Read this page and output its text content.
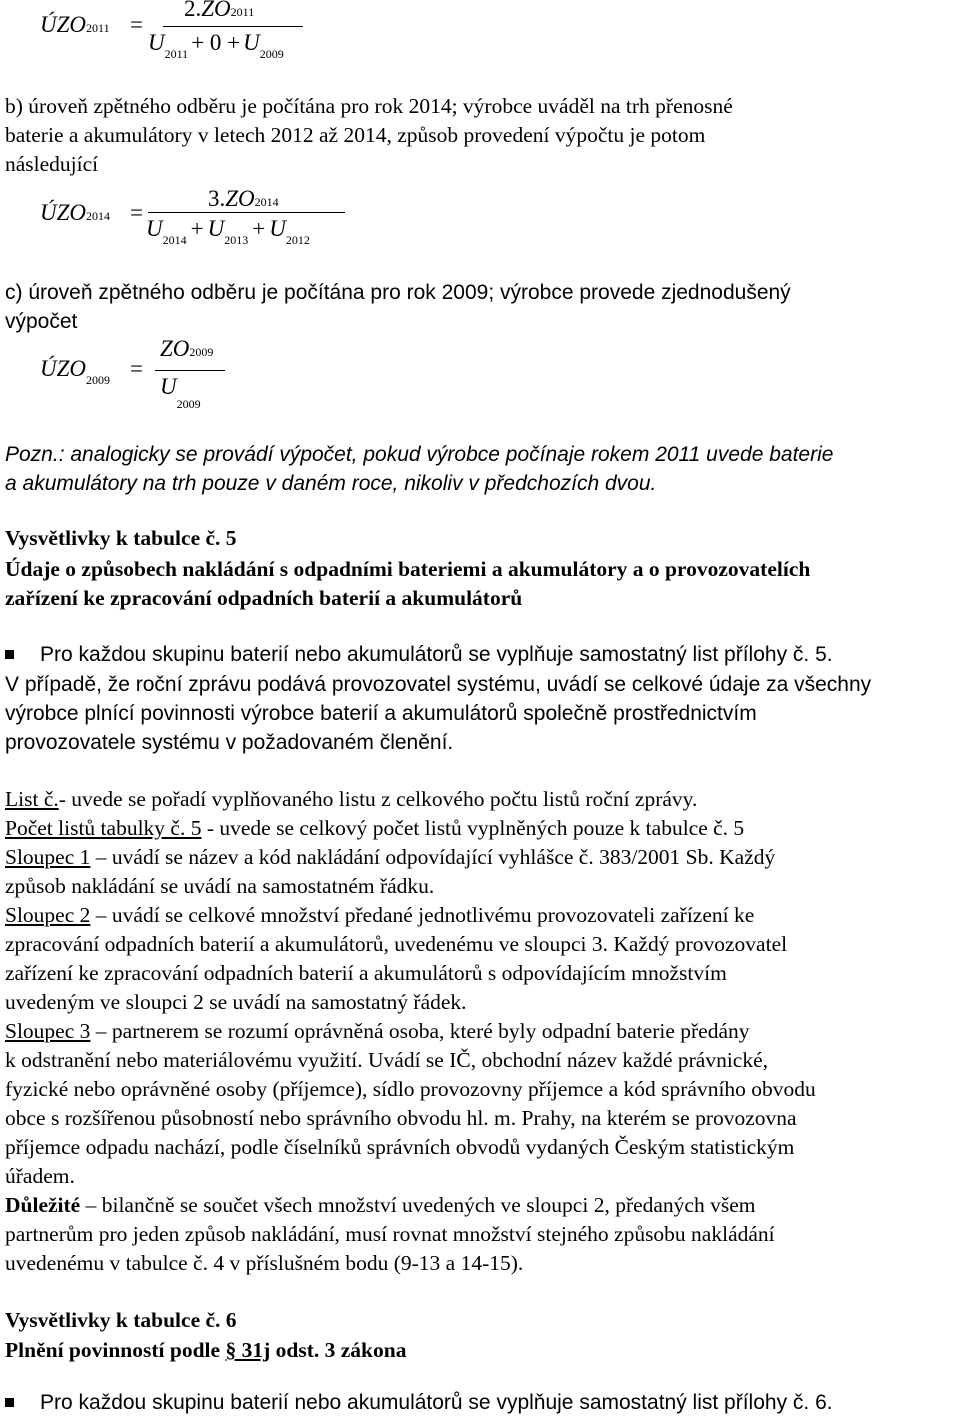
ÚZO2011 =
2.ZO2011
$U_{2011} + 0 + U_{2009}$
b) úroveň zpětného odběru je počítána pro rok 2014; výrobce uváděl na trh přenosné
baterie a akumulátory v letech 2012 až 2014, způsob provedení výpočtu je potom
následující
ÚZO2014 =
3.ZO2014
$U_{2014} + U_{2013} + U_{2012}$
c) úroveň zpětného odběru je počítána pro rok 2009; výrobce provede zjednodušený
výpočet
$ÚZO_{2009}$ =
ZO2009
$U_{2009}$
Pozn.: analogicky se provádí výpočet, pokud výrobce počínaje rokem 2011 uvede baterie
a akumulátory na trh pouze v daném roce, nikoliv v předchozích dvou.
Vysvětlivky k tabulce č. 5
Údaje o způsobech nakládání s odpadními bateriemi a akumulátory a o provozovatelích
zařízení ke zpracování odpadních baterií a akumulátorů
Pro každou skupinu baterií nebo akumulátorů se vyplňuje samostatný list přílohy č. 5.
V případě, že roční zprávu podává provozovatel systému, uvádí se celkové údaje za všechny
výrobce plnící povinnosti výrobce baterií a akumulátorů společně prostřednictvím
provozovatele systému v požadovaném členění.
List č.- uvede se pořadí vyplňovaného listu z celkového počtu listů roční zprávy.
Počet listů tabulky č. 5 - uvede se celkový počet listů vyplněných pouze k tabulce č. 5
Sloupec 1 – uvádí se název a kód nakládání odpovídající vyhlášce č. 383/2001 Sb. Každý
způsob nakládání se uvádí na samostatném řádku.
Sloupec 2 – uvádí se celkové množství předané jednotlivému provozovateli zařízení ke
zpracování odpadních baterií a akumulátorů, uvedenému ve sloupci 3. Každý provozovatel
zařízení ke zpracování odpadních baterií a akumulátorů s odpovídajícím množstvím
uvedeným ve sloupci 2 se uvádí na samostatný řádek.
Sloupec 3 – partnerem se rozumí oprávněná osoba, které byly odpadní baterie předány
k odstranění nebo materiálovému využití. Uvádí se IČ, obchodní název každé právnické,
fyzické nebo oprávněné osoby (příjemce), sídlo provozovny příjemce a kód správního obvodu
obce s rozšířenou působností nebo správního obvodu hl. m. Prahy, na kterém se provozovna
příjemce odpadu nachází, podle číselníků správních obvodů vydaných Českým statistickým
úřadem.
Důležité – bilančně se součet všech množství uvedených ve sloupci 2, předaných všem
partnerům pro jeden způsob nakládání, musí rovnat množství stejného způsobu nakládání
uvedenému v tabulce č. 4 v příslušném bodu (9-13 a 14-15).
Vysvětlivky k tabulce č. 6
Plnění povinností podle § 31j odst. 3 zákona
Pro každou skupinu baterií nebo akumulátorů se vyplňuje samostatný list přílohy č. 6.
